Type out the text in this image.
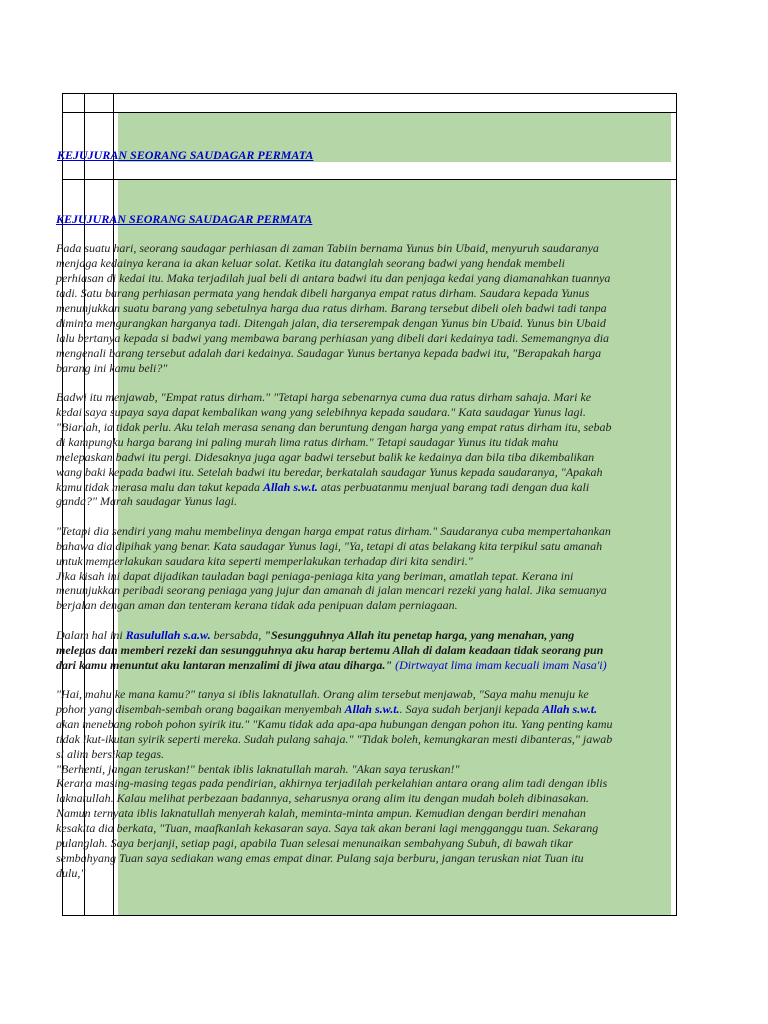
KEJUJURAN SEORANG SAUDAGAR PERMATA

KEJUJURAN SEORANG SAUDAGAR PERMATA

Pada suatu hari, seorang saudagar perhiasan di zaman Tabiin bernama Yunus bin Ubaid, menyuruh saudaranya menjaga kedainya kerana ia akan keluar solat. Ketika itu datanglah seorang badwi yang hendak membeli perhiasan di kedai itu. Maka terjadilah jual beli di antara badwi itu dan penjaga kedai yang diamanahkan tuannya tadi. Satu barang perhiasan permata yang hendak dibeli harganya empat ratus dirham. Saudara kepada Yunus menunjukkan suatu barang yang sebetulnya harga dua ratus dirham. Barang tersebut dibeli oleh badwi tadi tanpa diminta mengurangkan harganya tadi. Ditengah jalan, dia terserempak dengan Yunus bin Ubaid. Yunus bin Ubaid lalu bertanya kepada si badwi yang membawa barang perhiasan yang dibeli dari kedainya tadi. Sememangnya dia mengenali barang tersebut adalah dari kedainya. Saudagar Yunus bertanya kepada badwi itu, "Berapakah harga barang ini kamu beli?"

Badwi itu menjawab, "Empat ratus dirham." "Tetapi harga sebenarnya cuma dua ratus dirham sahaja. Mari ke kedai saya supaya saya dapat kembalikan wang yang selebihnya kepada saudara." Kata saudagar Yunus lagi. "Biarlah, ia tidak perlu. Aku telah merasa senang dan beruntung dengan harga yang empat ratus dirham itu, sebab di kampungku harga barang ini paling murah lima ratus dirham." Tetapi saudagar Yunus itu tidak mahu melepaskan badwi itu pergi. Didesaknya juga agar badwi tersebut balik ke kedainya dan bila tiba dikembalikan wang baki kepada badwi itu. Setelah badwi itu beredar, berkatalah saudagar Yunus kepada saudaranya, "Apakah kamu tidak merasa malu dan takut kepada Allah s.w.t. atas perbuatanmu menjual barang tadi dengan dua kali ganda?" Marah saudagar Yunus lagi.

"Tetapi dia sendiri yang mahu membelinya dengan harga empat ratus dirham." Saudaranya cuba mempertahankan bahawa dia dipihak yang benar. Kata saudagar Yunus lagi, "Ya, tetapi di atas belakang kita terpikul satu amanah untuk memperlakukan saudara kita seperti memperlakukan terhadap diri kita sendiri."
Jika kisah ini dapat dijadikan tauladan bagi peniaga-peniaga kita yang beriman, amatlah tepat. Kerana ini menunjukkan peribadi seorang peniaga yang jujur dan amanah di jalan mencari rezeki yang halal. Jika semuanya berjalan dengan aman dan tenteram kerana tidak ada penipuan dalam perniagaan.

Dalam hal ini Rasulullah s.a.w. bersabda, "Sesungguhnya Allah itu penetap harga, yang menahan, yang melepas dan memberi rezeki dan sesungguhnya aku harap bertemu Allah di dalam keadaan tidak seorang pun dari kamu menuntut aku lantaran menzalimi di jiwa atau diharga." (Dirtwayat lima imam kecuali imam Nasa'i)

"Hai, mahu ke mana kamu?" tanya si iblis laknatullah. Orang alim tersebut menjawab, "Saya mahu menuju ke pohon yang disembah-sembah orang bagaikan menyembah Allah s.w.t.. Saya sudah berjanji kepada Allah s.w.t. akan menebang roboh pohon syirik itu." "Kamu tidak ada apa-apa hubungan dengan pohon itu. Yang penting kamu tidak ikut-ikutan syirik seperti mereka. Sudah pulang sahaja." "Tidak boleh, kemungkaran mesti dibanteras," jawab si alim bersikap tegas.
"Berhenti, jangan teruskan!" bentak iblis laknatullah marah. "Akan saya teruskan!"
Kerana masing-masing tegas pada pendirian, akhirnya terjadilah perkelahian antara orang alim tadi dengan iblis laknatullah. Kalau melihat perbezaan badannya, seharusnya orang alim itu dengan mudah boleh dibinasakan. Namun ternyata iblis laknatullah menyerah kalah, meminta-minta ampun. Kemudian dengan berdiri menahan kesakita dia berkata, "Tuan, maafkanlah kekasaran saya. Saya tak akan berani lagi mengganggu tuan. Sekarang pulanglah. Saya berjanji, setiap pagi, apabila Tuan selesai menunaikan sembahyang Subuh, di bawah tikar sembahyang Tuan saya sediakan wang emas empat dinar. Pulang saja berburu, jangan teruskan niat Tuan itu dulu,"
